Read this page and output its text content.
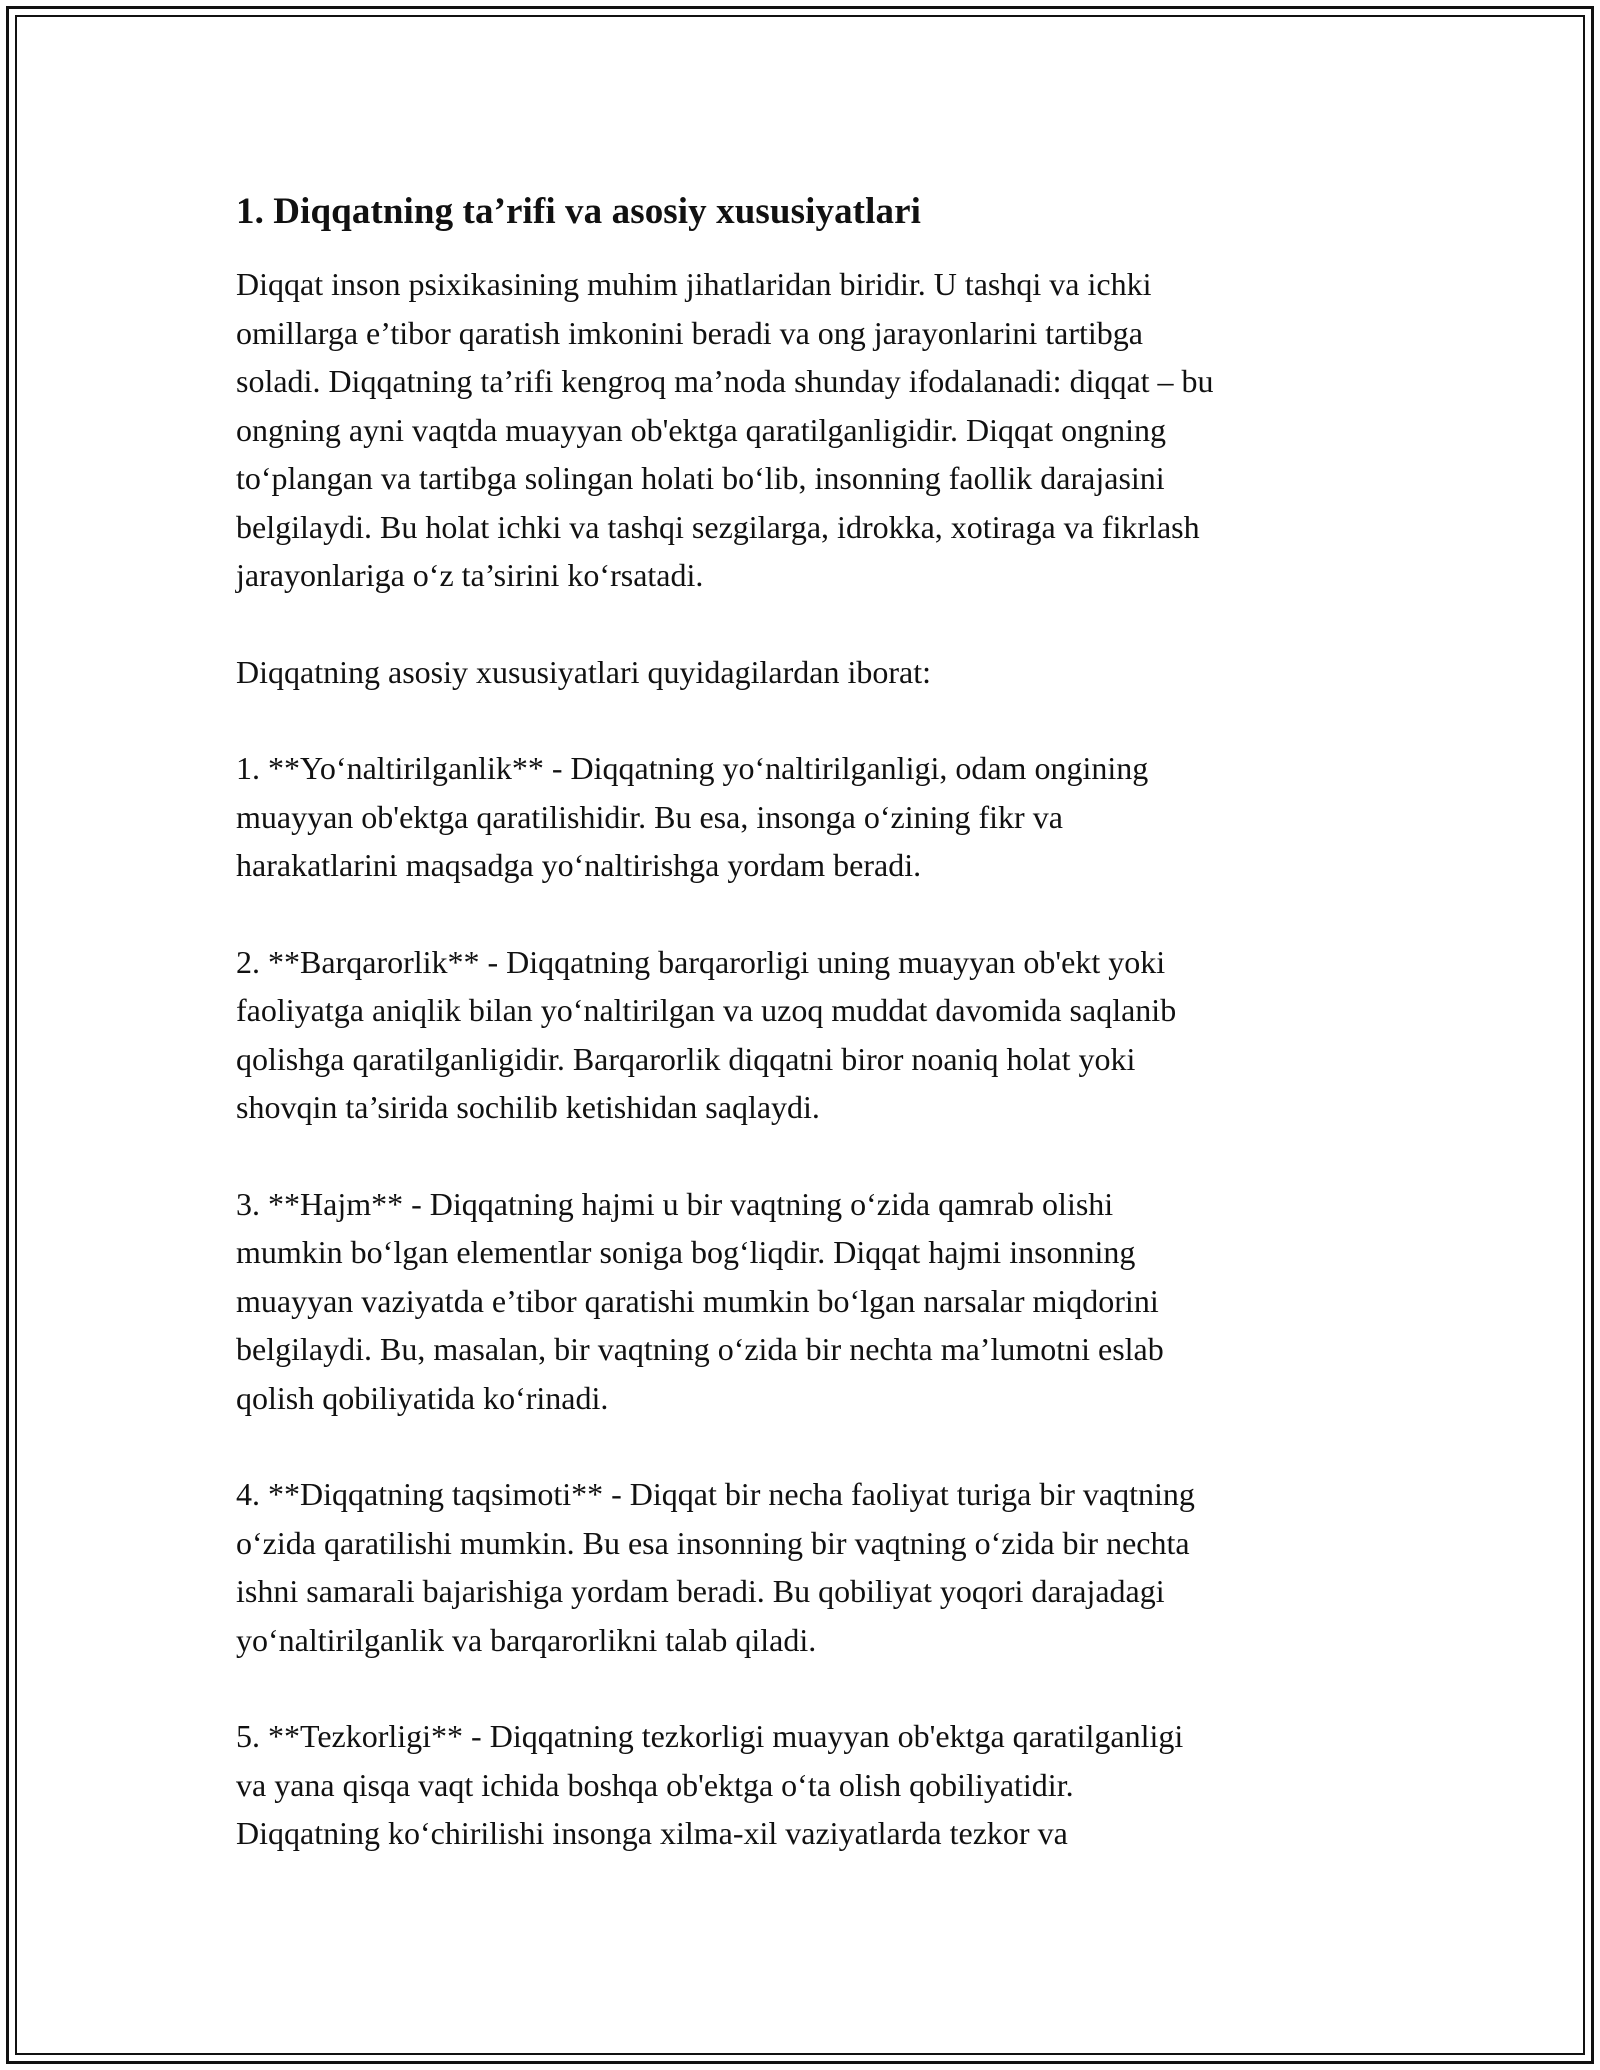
1. Diqqatning ta’rifi va asosiy xususiyatlari

Diqqat inson psixikasining muhim jihatlaridan biridir. U tashqi va ichki
omillarga e’tibor qaratish imkonini beradi va ong jarayonlarini tartibga
soladi. Diqqatning ta’rifi kengroq ma’noda shunday ifodalanadi: diqqat – bu
ongning ayni vaqtda muayyan ob'ektga qaratilganligidir. Diqqat ongning
to‘plangan va tartibga solingan holati bo‘lib, insonning faollik darajasini
belgilaydi. Bu holat ichki va tashqi sezgilarga, idrokka, xotiraga va fikrlash
jarayonlariga o‘z ta’sirini ko‘rsatadi.

Diqqatning asosiy xususiyatlari quyidagilardan iborat:

1. **Yo‘naltirilganlik** - Diqqatning yo‘naltirilganligi, odam ongining
muayyan ob'ektga qaratilishidir. Bu esa, insonga o‘zining fikr va
harakatlarini maqsadga yo‘naltirishga yordam beradi.

2. **Barqarorlik** - Diqqatning barqarorligi uning muayyan ob'ekt yoki
faoliyatga aniqlik bilan yo‘naltirilgan va uzoq muddat davomida saqlanib
qolishga qaratilganligidir. Barqarorlik diqqatni biror noaniq holat yoki
shovqin ta’sirida sochilib ketishidan saqlaydi.

3. **Hajm** - Diqqatning hajmi u bir vaqtning o‘zida qamrab olishi
mumkin bo‘lgan elementlar soniga bog‘liqdir. Diqqat hajmi insonning
muayyan vaziyatda e’tibor qaratishi mumkin bo‘lgan narsalar miqdorini
belgilaydi. Bu, masalan, bir vaqtning o‘zida bir nechta ma’lumotni eslab
qolish qobiliyatida ko‘rinadi.

4. **Diqqatning taqsimoti** - Diqqat bir necha faoliyat turiga bir vaqtning
o‘zida qaratilishi mumkin. Bu esa insonning bir vaqtning o‘zida bir nechta
ishni samarali bajarishiga yordam beradi. Bu qobiliyat yoqori darajadagi
yo‘naltirilganlik va barqarorlikni talab qiladi.

5. **Tezkorligi** - Diqqatning tezkorligi muayyan ob'ektga qaratilganligi
va yana qisqa vaqt ichida boshqa ob'ektga o‘ta olish qobiliyatidir.
Diqqatning ko‘chirilishi insonga xilma-xil vaziyatlarda tezkor va
